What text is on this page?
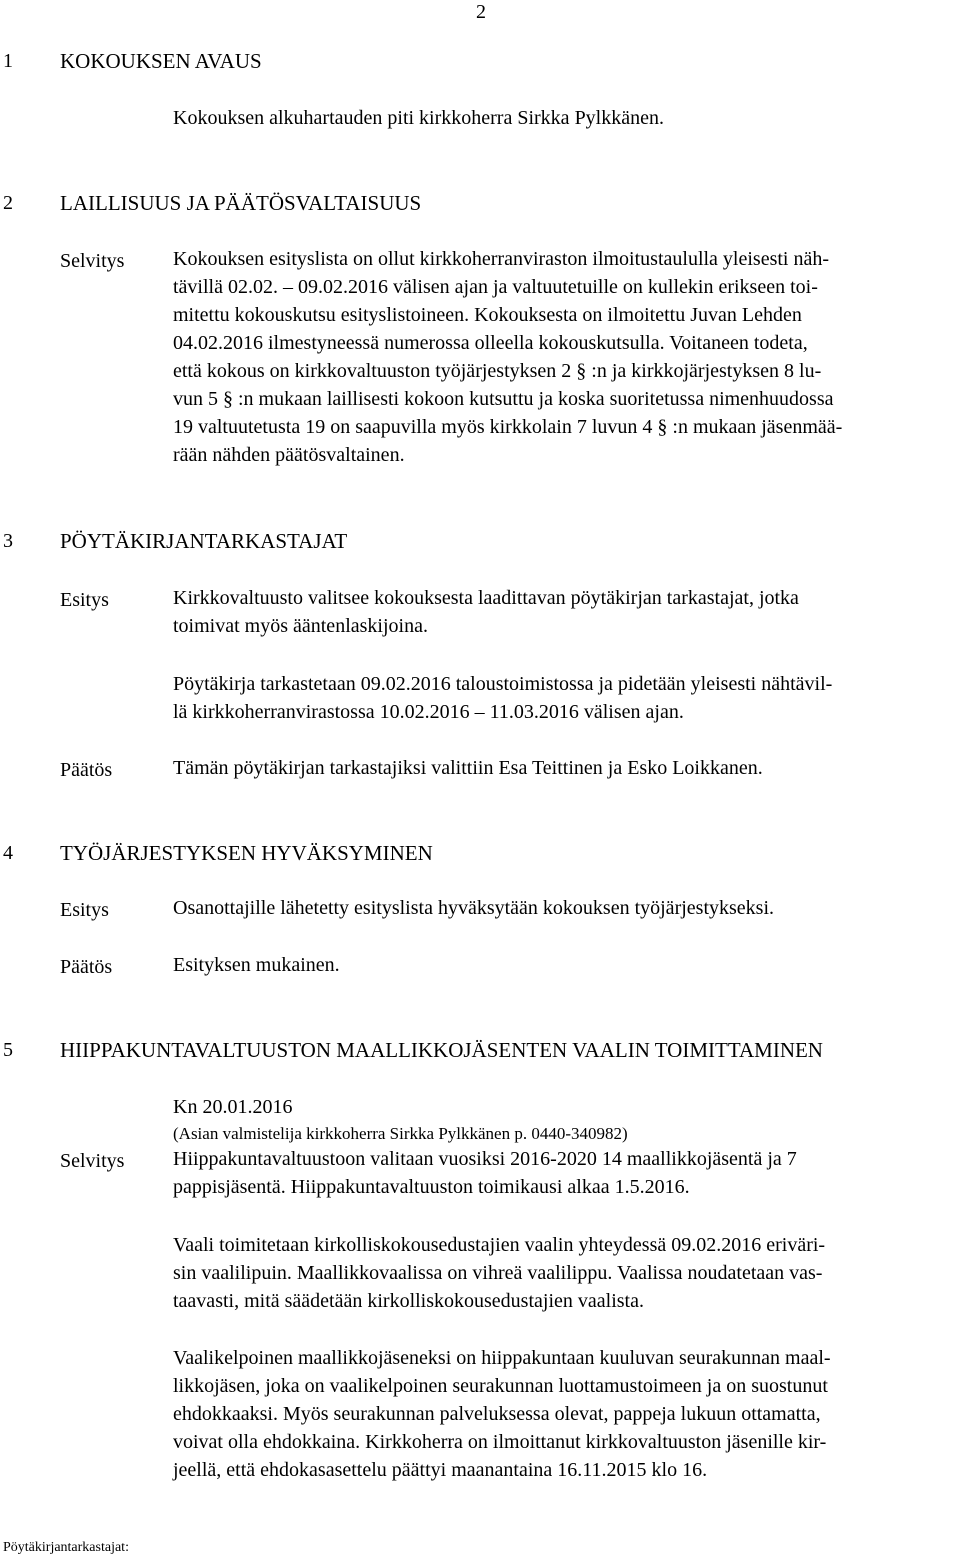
2
1 KOKOUKSEN AVAUS
Kokouksen alkuhartauden piti kirkkoherra Sirkka Pylkkänen.
2 LAILLISUUS JA PÄÄTÖSVALTAISUUS
Selvitys Kokouksen esityslista on ollut kirkkoherranviraston ilmoitustaululla yleisesti näh-
tävillä 02.02. – 09.02.2016 välisen ajan ja valtuutetuille on kullekin erikseen toi-
mitettu kokouskutsu esityslistoineen. Kokouksesta on ilmoitettu Juvan Lehden
04.02.2016 ilmestyneessä numerossa olleella kokouskutsulla. Voitaneen todeta,
että kokous on kirkkovaltuuston työjärjestyksen 2 § :n ja kirkkojärjestyksen 8 lu-
vun 5 § :n mukaan laillisesti kokoon kutsuttu ja koska suoritetussa nimenhuudossa
19 valtuutetusta 19 on saapuvilla myös kirkkolain 7 luvun 4 § :n mukaan jäsenmää-
rään nähden päätösvaltainen.
3 PÖYTÄKIRJANTARKASTAJAT
Esitys	Kirkkovaltuusto valitsee kokouksesta laadittavan pöytäkirjan tarkastajat, jotka
toimivat myös ääntenlaskijoina.
Pöytäkirja tarkastetaan 09.02.2016 taloustoimistossa ja pidetään yleisesti nähtävil-
lä kirkkoherranvirastossa 10.02.2016 – 11.03.2016 välisen ajan.
Päätös	Tämän pöytäkirjan tarkastajiksi valittiin Esa Teittinen ja Esko Loikkanen.
4 TYÖJÄRJESTYKSEN HYVÄKSYMINEN
Esitys	Osanottajille lähetetty esityslista hyväksytään kokouksen työjärjestykseksi.
Päätös	Esityksen mukainen.
5 HIIPPAKUNTAVALTUUSTON MAALLIKKOJÄSENTEN VAALIN TOIMITTAMINEN
Kn 20.01.2016
(Asian valmistelija kirkkoherra Sirkka Pylkkänen p. 0440-340982)
Selvitys Hiippakuntavaltuustoon valitaan vuosiksi 2016-2020 14 maallikkojäsentä ja 7
pappisjäsentä. Hiippakuntavaltuuston toimikausi alkaa 1.5.2016.
Vaali toimitetaan kirkolliskokousedustajien vaalin yhteydessä 09.02.2016 eriväri-
sin vaalilipuin. Maallikkovaalissa on vihreä vaalilippu. Vaalissa noudatetaan vas-
taavasti, mitä säädetään kirkolliskokousedustajien vaalista.
Vaalikelpoinen maallikkojäseneksi on hiippakuntaan kuuluvan seurakunnan maal-
likkojäsen, joka on vaalikelpoinen seurakunnan luottamustoimeen ja on suostunut
ehdokkaaksi. Myös seurakunnan palveluksessa olevat, pappeja lukuun ottamatta,
voivat olla ehdokkaina. Kirkkoherra on ilmoittanut kirkkovaltuuston jäsenille kir-
jeellä, että ehdokasasettelu päättyi maanantaina 16.11.2015 klo 16.
Pöytäkirjantarkastajat:
